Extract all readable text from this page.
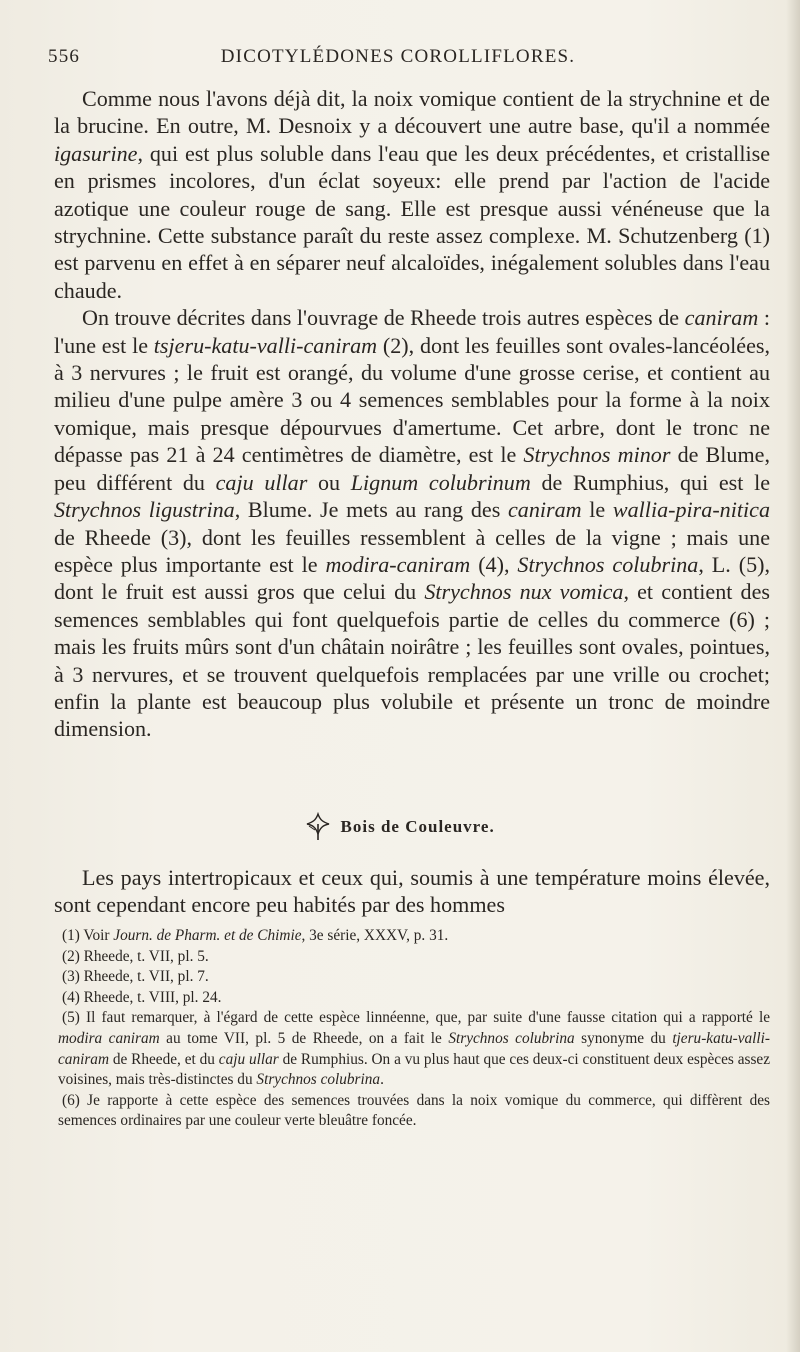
556	DICOTYLÉDONES COROLLIFLORES.

Comme nous l'avons déjà dit, la noix vomique contient de la strychnine et de la brucine. En outre, M. Desnoix y a découvert une autre base, qu'il a nommée igasurine, qui est plus soluble dans l'eau que les deux précédentes, et cristallise en prismes incolores, d'un éclat soyeux: elle prend par l'action de l'acide azotique une couleur rouge de sang. Elle est presque aussi vénéneuse que la strychnine. Cette substance paraît du reste assez complexe. M. Schutzenberg (1) est parvenu en effet à en séparer neuf alcaloïdes, inégalement solubles dans l'eau chaude.

On trouve décrites dans l'ouvrage de Rheede trois autres espèces de caniram : l'une est le tsjeru-katu-valli-caniram (2), dont les feuilles sont ovales-lancéolées, à 3 nervures ; le fruit est orangé, du volume d'une grosse cerise, et contient au milieu d'une pulpe amère 3 ou 4 semences semblables pour la forme à la noix vomique, mais presque dépourvues d'amertume. Cet arbre, dont le tronc ne dépasse pas 21 à 24 centimètres de diamètre, est le Strychnos minor de Blume, peu différent du caju ullar ou Lignum colubrinum de Rumphius, qui est le Strychnos ligustrina, Blume. Je mets au rang des caniram le wallia-pira-nitica de Rheede (3), dont les feuilles ressemblent à celles de la vigne ; mais une espèce plus importante est le modira-caniram (4), Strychnos colubrina, L. (5), dont le fruit est aussi gros que celui du Strychnos nux vomica, et contient des semences semblables qui font quelquefois partie de celles du commerce (6) ; mais les fruits mûrs sont d'un châtain noirâtre ; les feuilles sont ovales, pointues, à 3 nervures, et se trouvent quelquefois remplacées par une vrille ou crochet; enfin la plante est beaucoup plus volubile et présente un tronc de moindre dimension.

Bois de Couleuvre.

Les pays intertropicaux et ceux qui, soumis à une température moins élevée, sont cependant encore peu habités par des hommes

(1) Voir Journ. de Pharm. et de Chimie, 3e série, XXXV, p. 31.

(2) Rheede, t. VII, pl. 5.

(3) Rheede, t. VII, pl. 7.

(4) Rheede, t. VIII, pl. 24.

(5) Il faut remarquer, à l'égard de cette espèce linnéenne, que, par suite d'une fausse citation qui a rapporté le modira caniram au tome VII, pl. 5 de Rheede, on a fait le Strychnos colubrina synonyme du tjeru-katu-valli-caniram de Rheede, et du caju ullar de Rumphius. On a vu plus haut que ces deux-ci constituent deux espèces assez voisines, mais très-distinctes du Strychnos colubrina.

(6) Je rapporte à cette espèce des semences trouvées dans la noix vomique du commerce, qui diffèrent des semences ordinaires par une couleur verte bleuâtre foncée.
